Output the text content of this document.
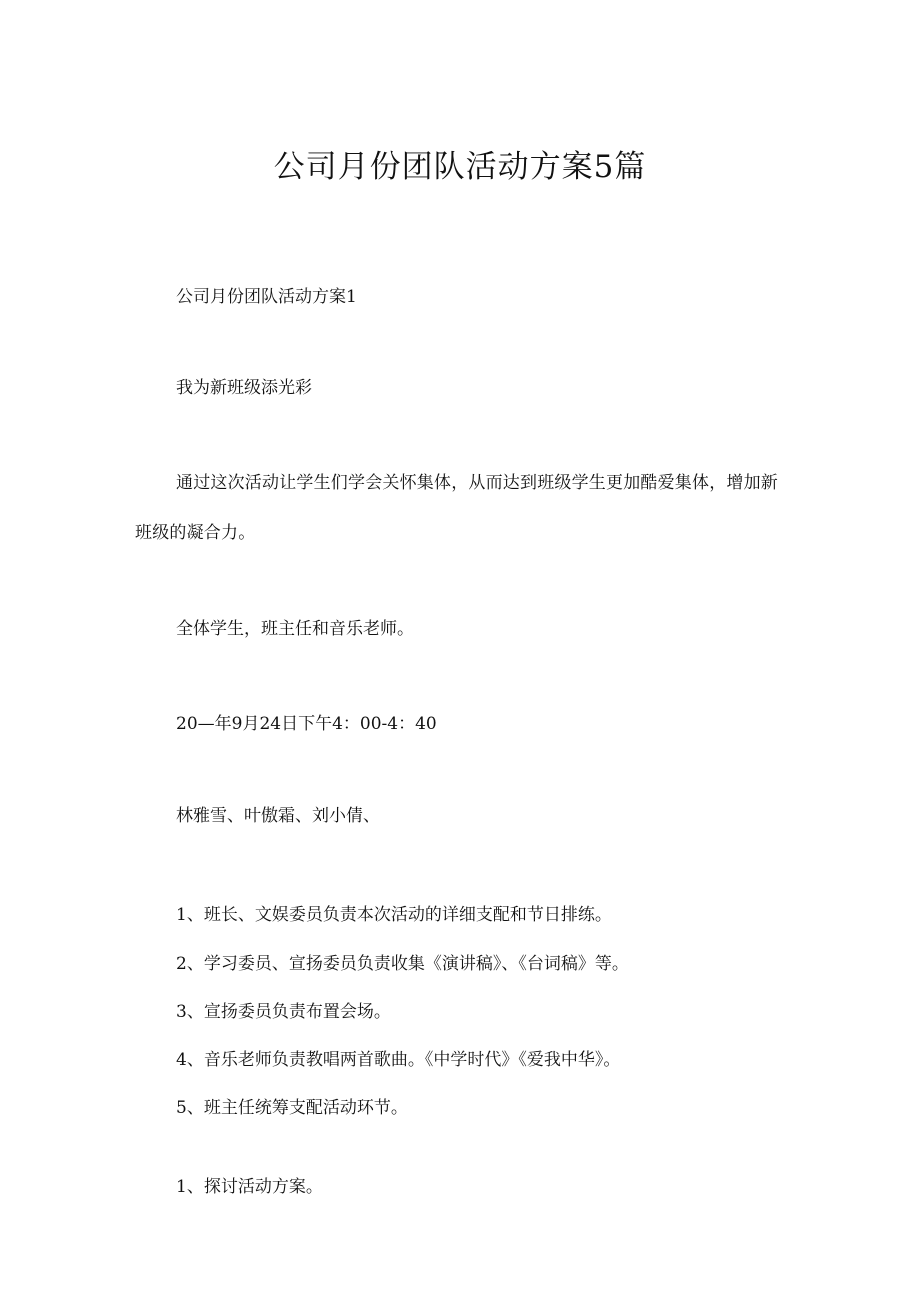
公司月份团队活动方案5篇

公司月份团队活动方案1

我为新班级添光彩

通过这次活动让学生们学会关怀集体，从而达到班级学生更加酷爱集体，增加新班级的凝合力。

全体学生，班主任和音乐老师。

20—年9月24日下午4：00-4：40

林雅雪、叶傲霜、刘小倩、

1、班长、文娱委员负责本次活动的详细支配和节日排练。

2、学习委员、宣扬委员负责收集《演讲稿》、《台词稿》等。

3、宣扬委员负责布置会场。

4、音乐老师负责教唱两首歌曲。《中学时代》《爱我中华》。

5、班主任统筹支配活动环节。

1、探讨活动方案。
